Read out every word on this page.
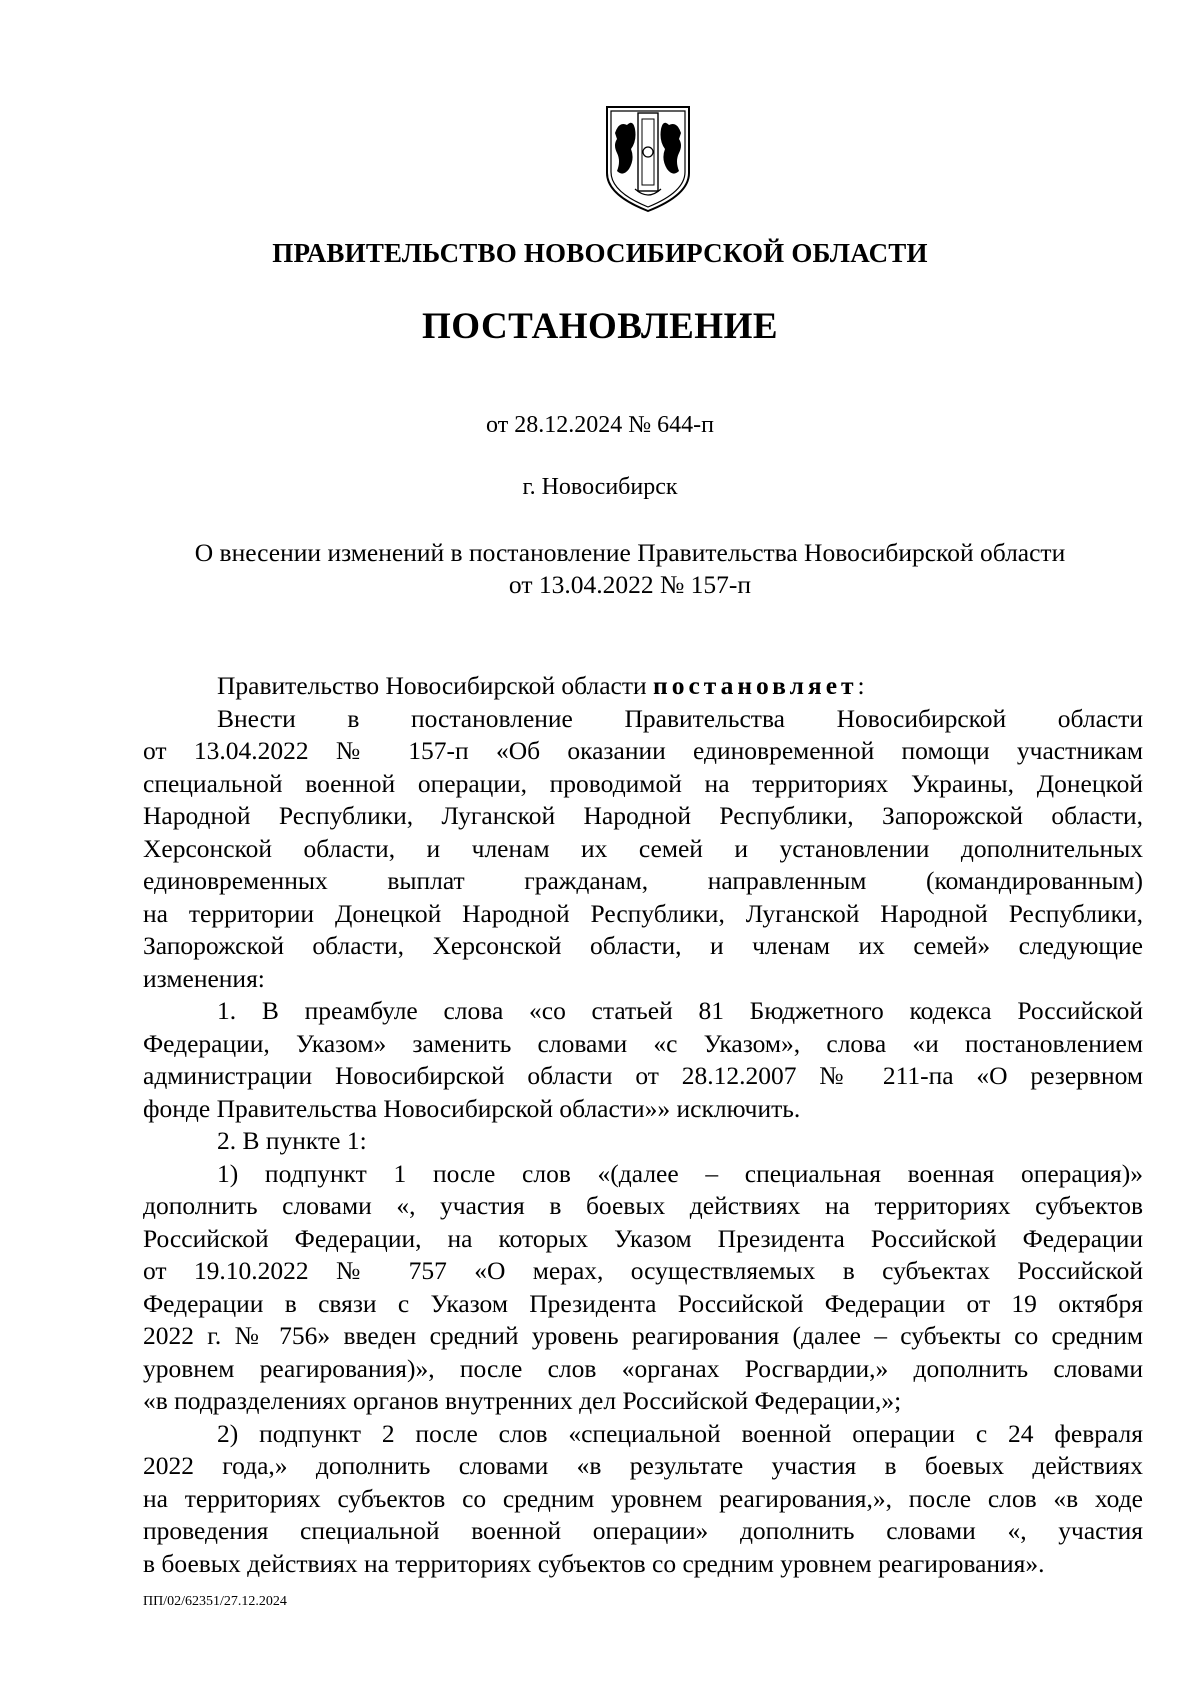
ПРАВИТЕЛЬСТВО НОВОСИБИРСКОЙ ОБЛАСТИ
ПОСТАНОВЛЕНИЕ
от 28.12.2024 № 644-п
г. Новосибирск
О внесении изменений в постановление Правительства Новосибирской области
от 13.04.2022 № 157-п
Правительство Новосибирской области постановляет:
Внести в постановление Правительства Новосибирской области
от 13.04.2022 № 157-п «Об оказании единовременной помощи участникам
специальной военной операции, проводимой на территориях Украины, Донецкой
Народной Республики, Луганской Народной Республики, Запорожской области,
Херсонской области, и членам их семей и установлении дополнительных
единовременных выплат гражданам, направленным (командированным)
на территории Донецкой Народной Республики, Луганской Народной Республики,
Запорожской области, Херсонской области, и членам их семей» следующие
изменения:
1. В преамбуле слова «со статьей 81 Бюджетного кодекса Российской
Федерации, Указом» заменить словами «с Указом», слова «и постановлением
администрации Новосибирской области от 28.12.2007 № 211-па «О резервном
фонде Правительства Новосибирской области»» исключить.
2. В пункте 1:
1) подпункт 1 после слов «(далее – специальная военная операция)»
дополнить словами «, участия в боевых действиях на территориях субъектов
Российской Федерации, на которых Указом Президента Российской Федерации
от 19.10.2022 № 757 «О мерах, осуществляемых в субъектах Российской
Федерации в связи с Указом Президента Российской Федерации от 19 октября
2022 г. № 756» введен средний уровень реагирования (далее – субъекты со средним
уровнем реагирования)», после слов «органах Росгвардии,» дополнить словами
«в подразделениях органов внутренних дел Российской Федерации,»;
2) подпункт 2 после слов «специальной военной операции с 24 февраля
2022 года,» дополнить словами «в результате участия в боевых действиях
на территориях субъектов со средним уровнем реагирования,», после слов «в ходе
проведения специальной военной операции» дополнить словами «, участия
в боевых действиях на территориях субъектов со средним уровнем реагирования».
ПП/02/62351/27.12.2024
